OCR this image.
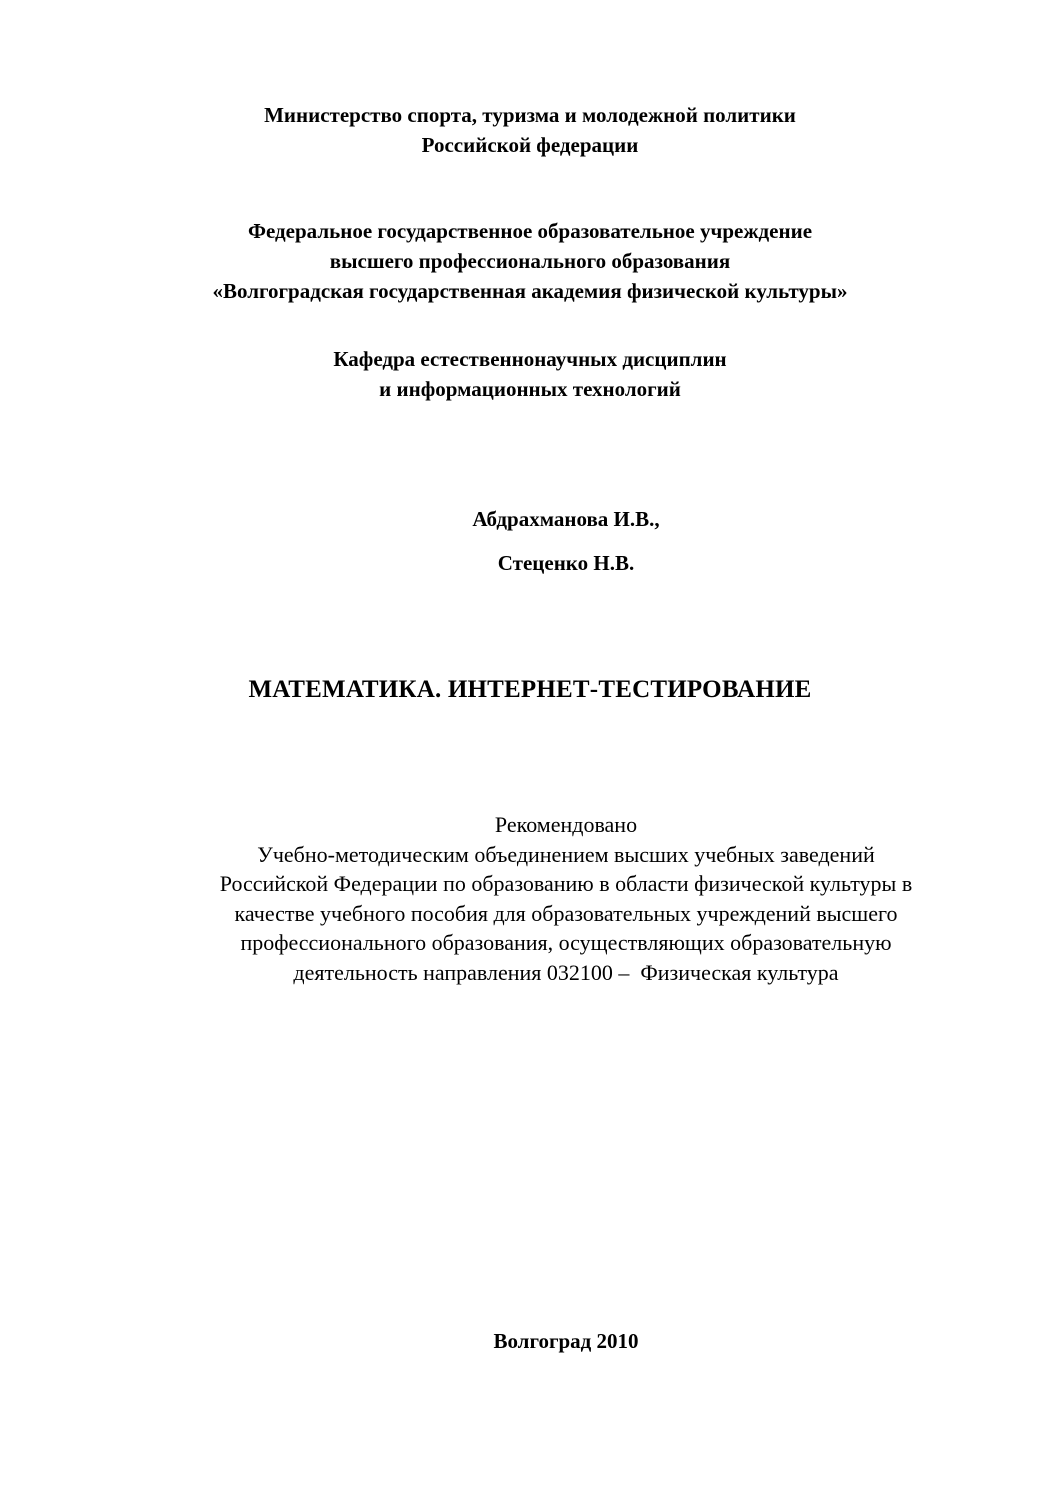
Министерство спорта, туризма и молодежной политики
Российской федерации
Федеральное государственное образовательное учреждение
высшего профессионального образования
«Волгоградская государственная академия физической культуры»
Кафедра естественнонаучных дисциплин
и информационных технологий
Абдрахманова И.В.,
Стеценко Н.В.
МАТЕМАТИКА. ИНТЕРНЕТ-ТЕСТИРОВАНИЕ
Рекомендовано
Учебно-методическим объединением высших учебных заведений
Российской Федерации по образованию в области физической культуры в
качестве учебного пособия для образовательных учреждений высшего
профессионального образования, осуществляющих образовательную
деятельность направления 032100 –  Физическая культура
Волгоград 2010
